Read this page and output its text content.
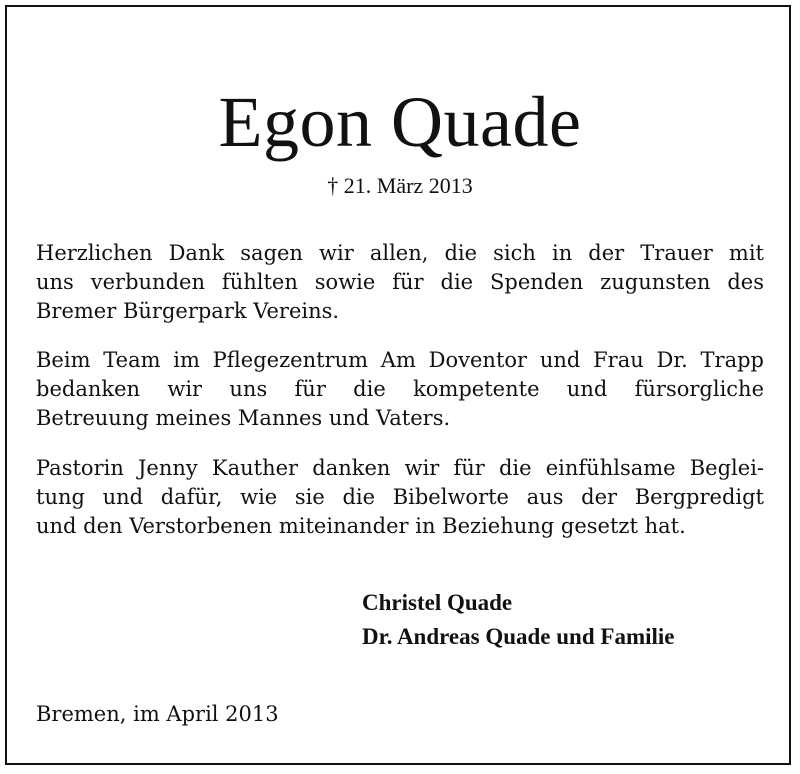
Egon Quade
† 21. März 2013

Herzlichen Dank sagen wir allen, die sich in der Trauer mit
uns verbunden fühlten sowie für die Spenden zugunsten des
Bremer Bürgerpark Vereins.

Beim Team im Pflegezentrum Am Doventor und Frau Dr. Trapp
bedanken wir uns für die kompetente und fürsorgliche
Betreuung meines Mannes und Vaters.

Pastorin Jenny Kauther danken wir für die einfühlsame Beglei-
tung und dafür, wie sie die Bibelworte aus der Bergpredigt
und den Verstorbenen miteinander in Beziehung gesetzt hat.

Christel Quade
Dr. Andreas Quade und Familie
Bremen, im April 2013
